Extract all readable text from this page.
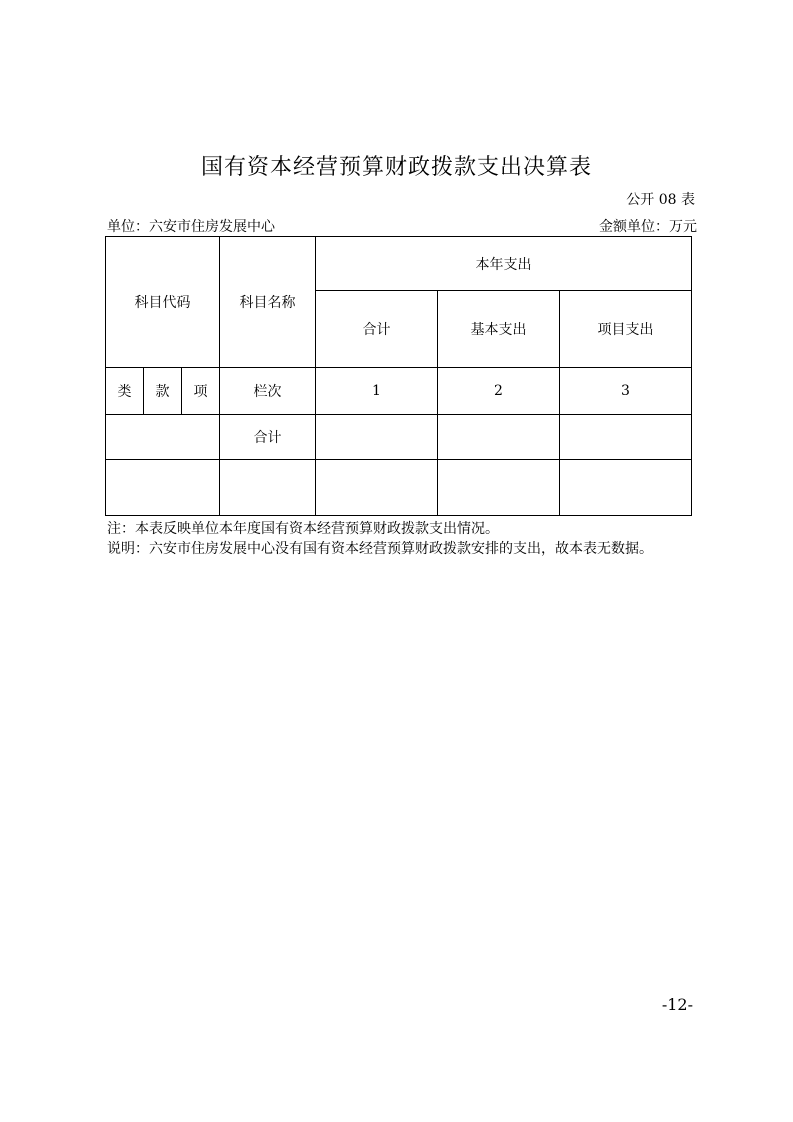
国有资本经营预算财政拨款支出决算表
公开 08 表
单位：六安市住房发展中心	金额单位：万元
科目代码			科目名称	本年支出		
				合计	基本支出	项目支出
类	款	项	栏次	1	2	3
			合计			

注：本表反映单位本年度国有资本经营预算财政拨款支出情况。
说明：六安市住房发展中心没有国有资本经营预算财政拨款安排的支出，故本表无数据。
-12-
